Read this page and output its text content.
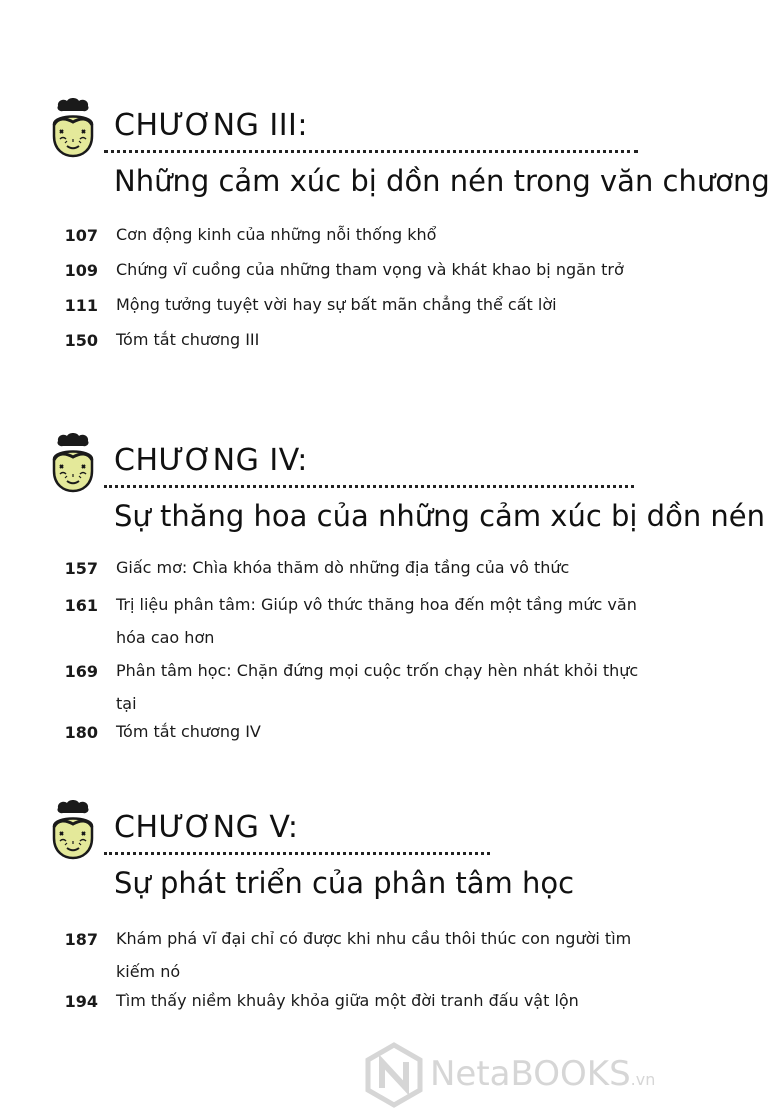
CHƯƠNG III:
Những cảm xúc bị dồn nén trong văn chương
107 Cơn động kinh của những nỗi thống khổ
109 Chứng vĩ cuồng của những tham vọng và khát khao bị ngăn trở
111 Mộng tưởng tuyệt vời hay sự bất mãn chẳng thể cất lời
150 Tóm tắt chương III
CHƯƠNG IV:
Sự thăng hoa của những cảm xúc bị dồn nén
157 Giấc mơ: Chìa khóa thăm dò những địa tầng của vô thức
161 Trị liệu phân tâm: Giúp vô thức thăng hoa đến một tầng mức văn hóa cao hơn
169 Phân tâm học: Chặn đứng mọi cuộc trốn chạy hèn nhát khỏi thực tại
180 Tóm tắt chương IV
CHƯƠNG V:
Sự phát triển của phân tâm học
187 Khám phá vĩ đại chỉ có được khi nhu cầu thôi thúc con người tìm kiếm nó
194 Tìm thấy niềm khuây khỏa giữa một đời tranh đấu vật lộn
NetaBOOKS.vn
